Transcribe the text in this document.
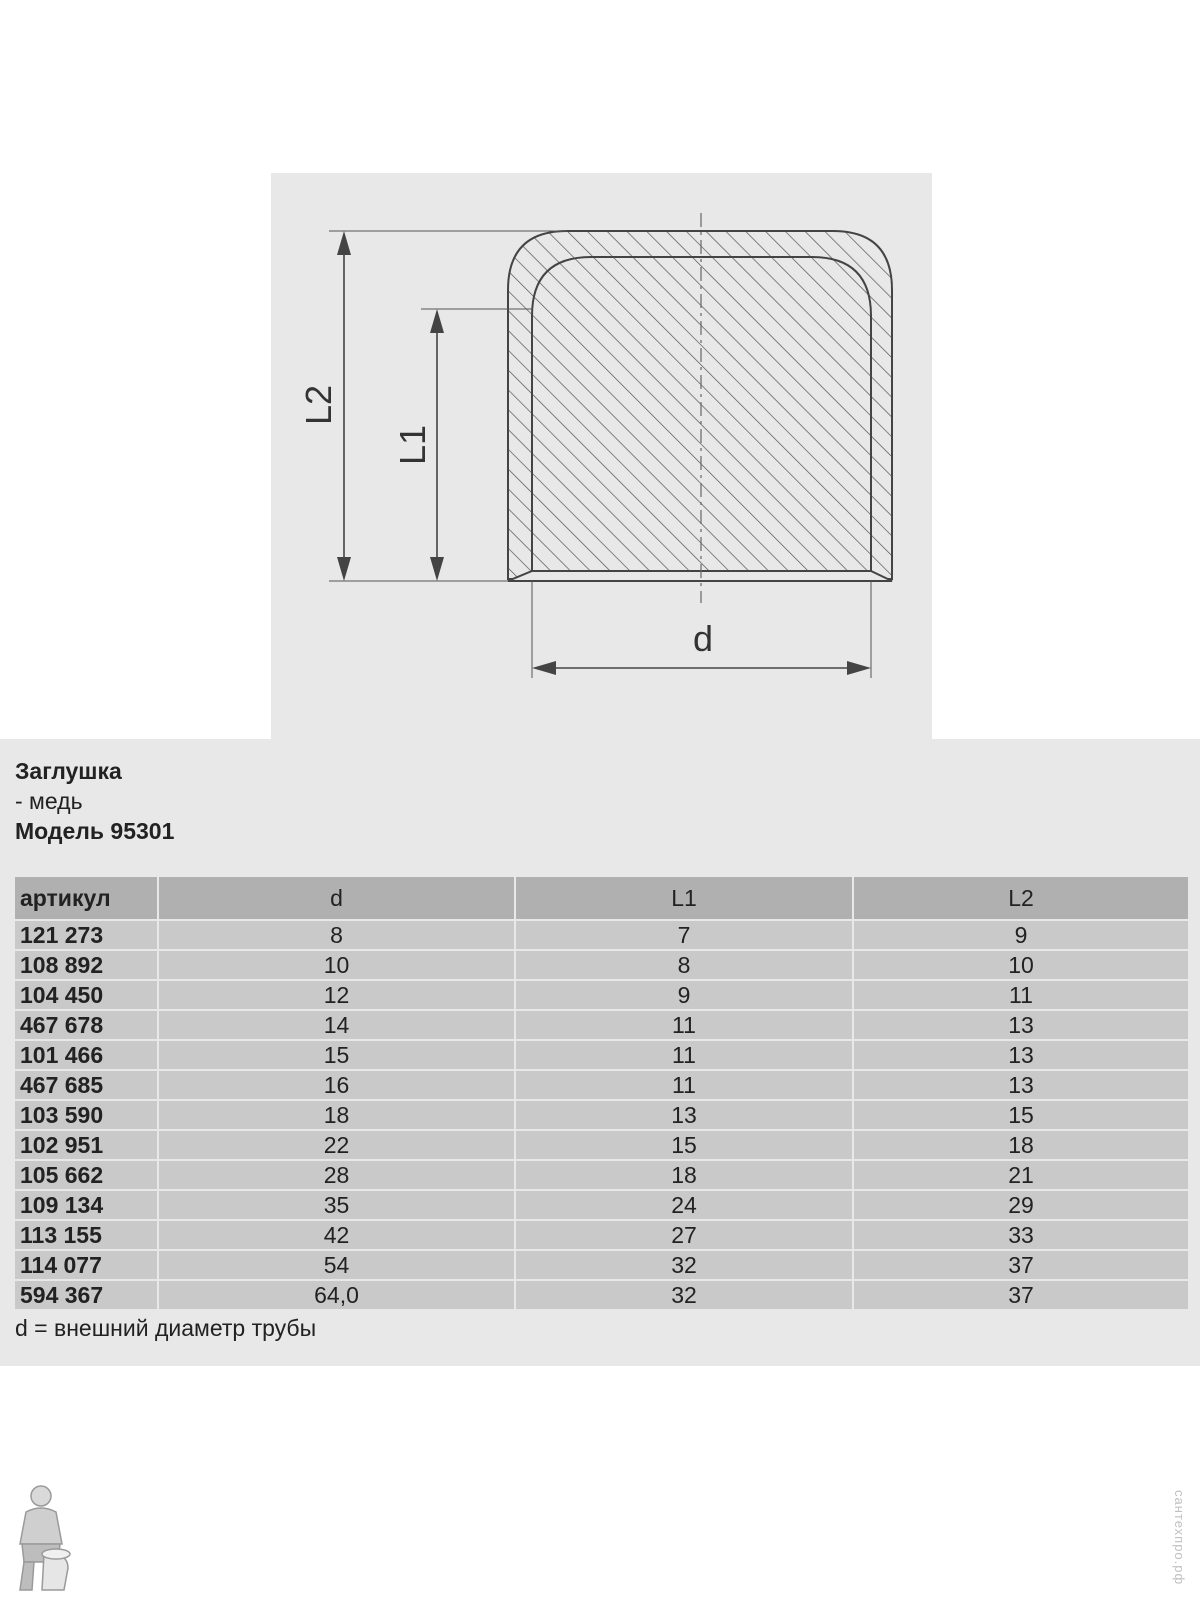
L2
L1
d
Заглушка
- медь
Модель 95301
артикул	d	L1	L2
121 273	8	7	9
108 892	10	8	10
104 450	12	9	11
467 678	14	11	13
101 466	15	11	13
467 685	16	11	13
103 590	18	13	15
102 951	22	15	18
105 662	28	18	21
109 134	35	24	29
113 155	42	27	33
114 077	54	32	37
594 367	64,0	32	37
d = внешний диаметр трубы
сантехпро.рф
